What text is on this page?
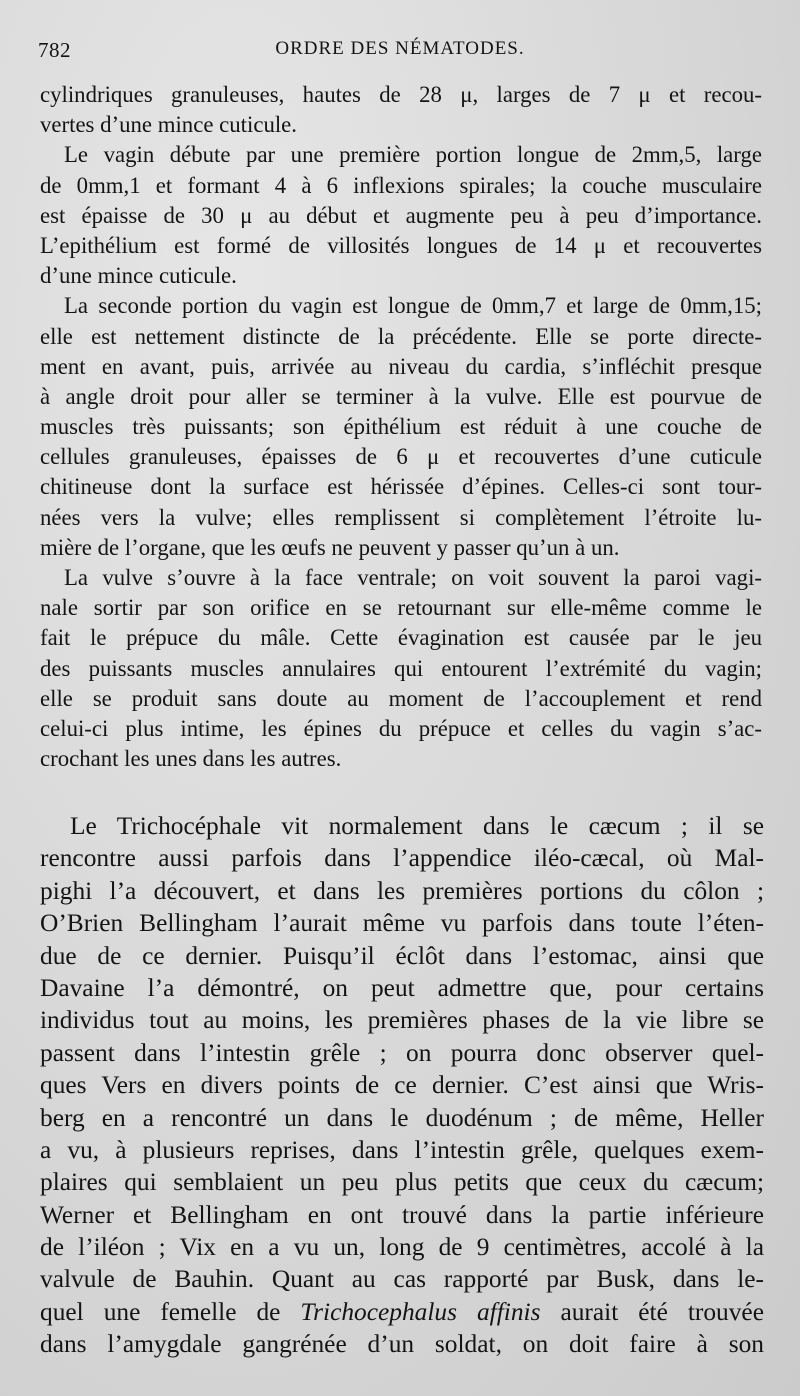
782	ORDRE DES NÉMATODES.
cylindriques granuleuses, hautes de 28 μ, larges de 7 μ et recou-
vertes d’une mince cuticule.
Le vagin débute par une première portion longue de 2mm,5, large
de 0mm,1 et formant 4 à 6 inflexions spirales; la couche musculaire
est épaisse de 30 μ au début et augmente peu à peu d’importance.
L’epithélium est formé de villosités longues de 14 μ et recouvertes
d’une mince cuticule.
La seconde portion du vagin est longue de 0mm,7 et large de 0mm,15;
elle est nettement distincte de la précédente. Elle se porte directe-
ment en avant, puis, arrivée au niveau du cardia, s’infléchit presque
à angle droit pour aller se terminer à la vulve. Elle est pourvue de
muscles très puissants; son épithélium est réduit à une couche de
cellules granuleuses, épaisses de 6 μ et recouvertes d’une cuticule
chitineuse dont la surface est hérissée d’épines. Celles-ci sont tour-
nées vers la vulve; elles remplissent si complètement l’étroite lu-
mière de l’organe, que les œufs ne peuvent y passer qu’un à un.
La vulve s’ouvre à la face ventrale; on voit souvent la paroi vagi-
nale sortir par son orifice en se retournant sur elle-même comme le
fait le prépuce du mâle. Cette évagination est causée par le jeu
des puissants muscles annulaires qui entourent l’extrémité du vagin;
elle se produit sans doute au moment de l’accouplement et rend
celui-ci plus intime, les épines du prépuce et celles du vagin s’ac-
crochant les unes dans les autres.
Le Trichocéphale vit normalement dans le cæcum ; il se
rencontre aussi parfois dans l’appendice iléo-cæcal, où Mal-
pighi l’a découvert, et dans les premières portions du côlon ;
O’Brien Bellingham l’aurait même vu parfois dans toute l’éten-
due de ce dernier. Puisqu’il éclôt dans l’estomac, ainsi que
Davaine l’a démontré, on peut admettre que, pour certains
individus tout au moins, les premières phases de la vie libre se
passent dans l’intestin grêle ; on pourra donc observer quel-
ques Vers en divers points de ce dernier. C’est ainsi que Wris-
berg en a rencontré un dans le duodénum ; de même, Heller
a vu, à plusieurs reprises, dans l’intestin grêle, quelques exem-
plaires qui semblaient un peu plus petits que ceux du cæcum;
Werner et Bellingham en ont trouvé dans la partie inférieure
de l’iléon ; Vix en a vu un, long de 9 centimètres, accolé à la
valvule de Bauhin. Quant au cas rapporté par Busk, dans le-
quel une femelle de Trichocephalus affinis aurait été trouvée
dans l’amygdale gangrénée d’un soldat, on doit faire à son
